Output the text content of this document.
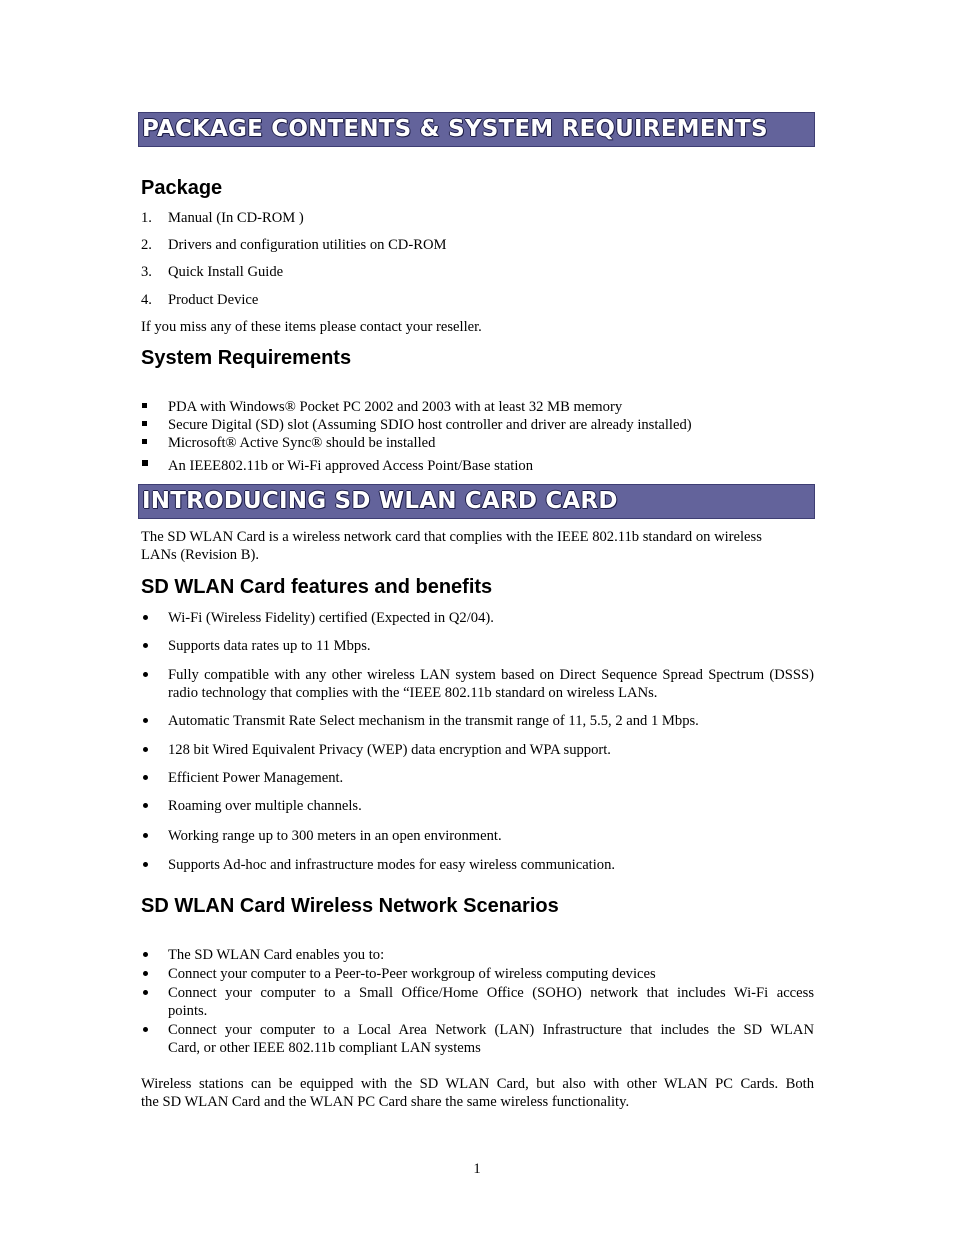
PACKAGE CONTENTS & SYSTEM REQUIREMENTS
Package
1. Manual (In CD-ROM )
2. Drivers and configuration utilities on CD-ROM
3. Quick Install Guide
4. Product Device
If you miss any of these items please contact your reseller.
System Requirements
PDA with Windows® Pocket PC 2002 and 2003 with at least 32 MB memory
Secure Digital (SD) slot (Assuming SDIO host controller and driver are already installed)
Microsoft® Active Sync® should be installed
An IEEE802.11b or Wi-Fi approved Access Point/Base station
INTRODUCING SD WLAN CARD CARD
The SD WLAN Card is a wireless network card that complies with the IEEE 802.11b standard on wireless
LANs (Revision B).
SD WLAN Card features and benefits
Wi-Fi (Wireless Fidelity) certified (Expected in Q2/04).
Supports data rates up to 11 Mbps.
Fully compatible with any other wireless LAN system based on Direct Sequence Spread Spectrum (DSSS)
radio technology that complies with the “IEEE 802.11b standard on wireless LANs.
Automatic Transmit Rate Select mechanism in the transmit range of 11, 5.5, 2 and 1 Mbps.
128 bit Wired Equivalent Privacy (WEP) data encryption and WPA support.
Efficient Power Management.
Roaming over multiple channels.
Working range up to 300 meters in an open environment.
Supports Ad-hoc and infrastructure modes for easy wireless communication.
SD WLAN Card Wireless Network Scenarios
The SD WLAN Card enables you to:
Connect your computer to a Peer-to-Peer workgroup of wireless computing devices
Connect your computer to a Small Office/Home Office (SOHO) network that includes Wi-Fi access
points.
Connect your computer to a Local Area Network (LAN) Infrastructure that includes the SD WLAN
Card, or other IEEE 802.11b compliant LAN systems
Wireless stations can be equipped with the SD WLAN Card, but also with other WLAN PC Cards. Both
the SD WLAN Card and the WLAN PC Card share the same wireless functionality.
1
